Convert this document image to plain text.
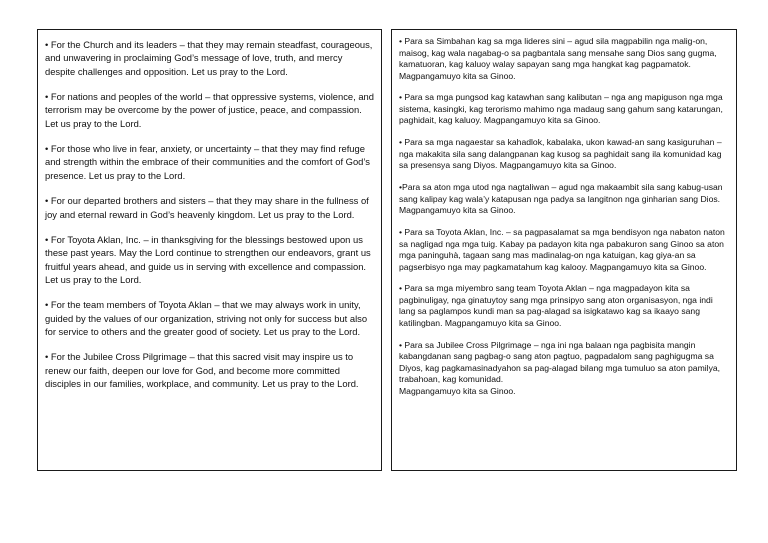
• For the Church and its leaders – that they may remain steadfast, courageous, and unwavering in proclaiming God’s message of love, truth, and mercy despite challenges and opposition. Let us pray to the Lord.

• For nations and peoples of the world – that oppressive systems, violence, and terrorism may be overcome by the power of justice, peace, and compassion. Let us pray to the Lord.

• For those who live in fear, anxiety, or uncertainty – that they may find refuge and strength within the embrace of their communities and the comfort of God’s presence. Let us pray to the Lord.

• For our departed brothers and sisters – that they may share in the fullness of joy and eternal reward in God’s heavenly kingdom. Let us pray to the Lord.

• For Toyota Aklan, Inc. – in thanksgiving for the blessings bestowed upon us these past years. May the Lord continue to strengthen our endeavors, grant us fruitful years ahead, and guide us in serving with excellence and compassion. Let us pray to the Lord.

• For the team members of Toyota Aklan – that we may always work in unity, guided by the values of our organization, striving not only for success but also for service to others and the greater good of society. Let us pray to the Lord.

• For the Jubilee Cross Pilgrimage – that this sacred visit may inspire us to renew our faith, deepen our love for God, and become more committed disciples in our families, workplace, and community. Let us pray to the Lord.

• Para sa Simbahan kag sa mga lideres sini – agud sila magpabilin nga malig-on, maisog, kag wala nagabag-o sa pagbantala sang mensahe sang Dios sang gugma, kamatuoran, kag kaluoy walay sapayan sang mga hangkat kag pagpamatok. Magpangamuyo kita sa Ginoo.

• Para sa mga pungsod kag katawhan sang kalibutan – nga ang mapiguson nga mga sistema, kasingki, kag terorismo mahimo nga madaug sang gahum sang katarungan, paghidait, kag kaluoy. Magpangamuyo kita sa Ginoo.

• Para sa mga nagaestar sa kahadlok, kabalaka, ukon kawad-an sang kasiguruhan – nga makakita sila sang dalangpanan kag kusog sa paghidait sang ila komunidad kag sa presensya sang Diyos. Magpangamuyo kita sa Ginoo.

•Para sa aton mga utod nga nagtaliwan – agud nga makaambit sila sang kabug-usan sang kalipay kag wala’y katapusan nga padya sa langitnon nga ginharian sang Dios. Magpangamuyo kita sa Ginoo.

• Para sa Toyota Aklan, Inc. – sa pagpasalamat sa mga bendisyon nga nabaton naton sa nagligad nga mga tuig. Kabay pa padayon kita nga pabakuron sang Ginoo sa aton mga paninguhà, tagaan sang mas madinalag-on nga katuigan, kag giya-an sa pagserbisyo nga may pagkamatahum kag kalooy. Magpangamuyo kita sa Ginoo.

• Para sa mga miyembro sang team Toyota Aklan – nga magpadayon kita sa pagbinuligay, nga ginatuytoy sang mga prinsipyo sang aton organisasyon, nga indi lang sa paglampos kundi man sa pag-alagad sa isigkatawo kag sa ikaayo sang katilingban. Magpangamuyo kita sa Ginoo.

• Para sa Jubilee Cross Pilgrimage – nga ini nga balaan nga pagbisita mangin kabangdanan sang pagbag-o sang aton pagtuo, pagpadalom sang paghigugma sa Diyos, kag pagkamasinadyahon sa pag-alagad bilang mga tumuluo sa aton pamilya, trabahoan, kag komunidad.
Magpangamuyo kita sa Ginoo.
